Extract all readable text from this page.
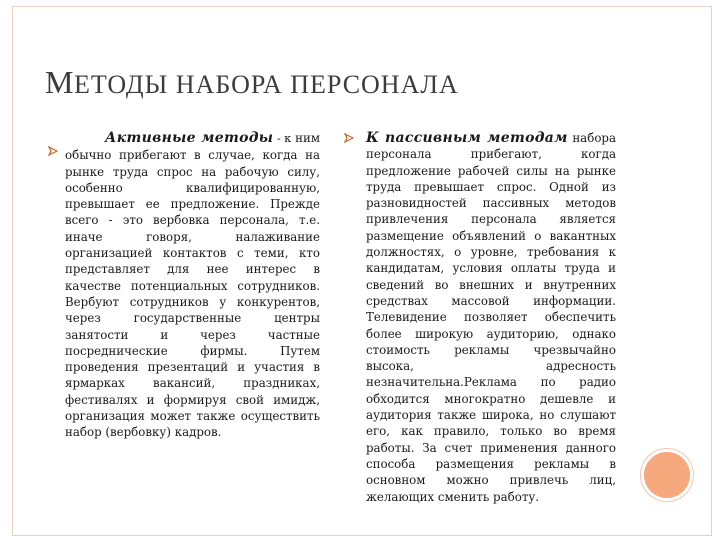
МЕТОДЫ НАБОРА ПЕРСОНАЛА
Активные методы - к ним обычно прибегают в случае, когда на рынке труда спрос на рабочую силу, особенно квалифицированную, превышает ее предложение. Прежде всего - это вербовка персонала, т.е. иначе говоря, налаживание организацией контактов с теми, кто представляет для нее интерес в качестве потенциальных сотрудников. Вербуют сотрудников у конкурентов, через государственные центры занятости и через частные посреднические фирмы. Путем проведения презентаций и участия в ярмарках вакансий, праздниках, фестивалях и формируя свой имидж, организация может также осуществить набор (вербовку) кадров.
К пассивным методам набора персонала прибегают, когда предложение рабочей силы на рынке труда превышает спрос. Одной из разновидностей пассивных методов привлечения персонала является размещение объявлений о вакантных должностях, о уровне, требования к кандидатам, условия оплаты труда и сведений во внешних и внутренних средствах массовой информации. Телевидение позволяет обеспечить более широкую аудиторию, однако стоимость рекламы чрезвычайно высока, адресность незначительна.Реклама по радио обходится многократно дешевле и аудитория также широка, но слушают его, как правило, только во время работы. За счет применения данного способа размещения рекламы в основном можно привлечь лиц, желающих сменить работу.
